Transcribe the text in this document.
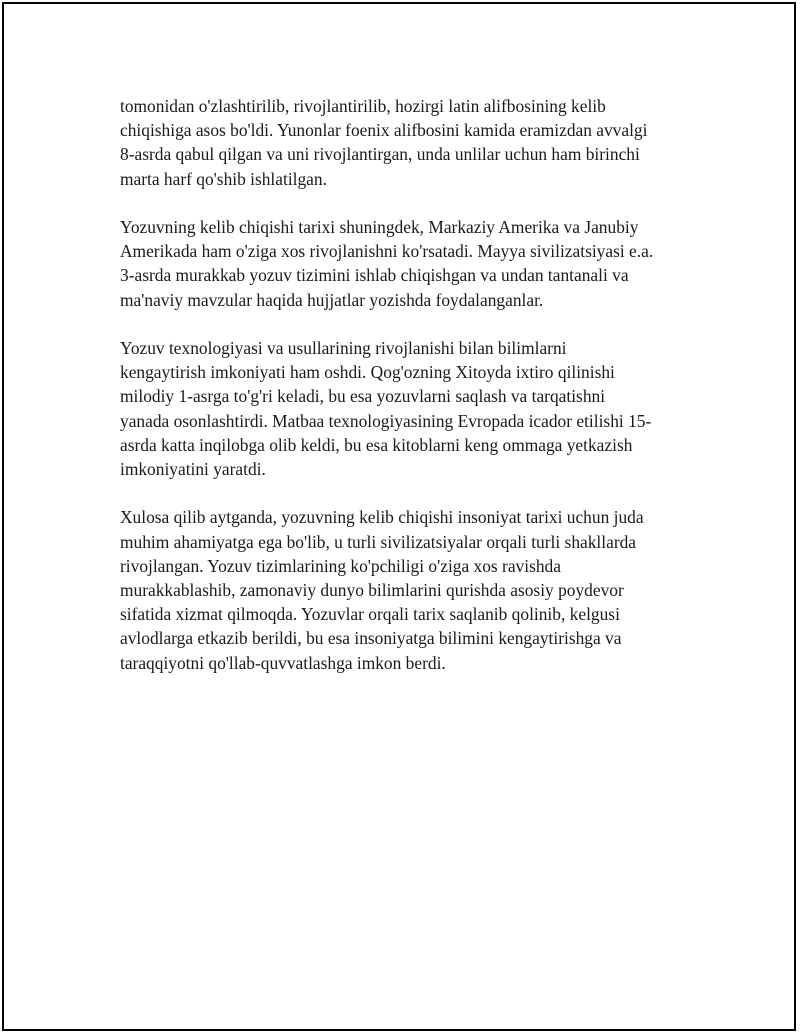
tomonidan o'zlashtirilib, rivojlantirilib, hozirgi latin alifbosining kelib
chiqishiga asos bo'ldi. Yunonlar foenix alifbosini kamida eramizdan avvalgi
8-asrda qabul qilgan va uni rivojlantirgan, unda unlilar uchun ham birinchi
marta harf qo'shib ishlatilgan.

Yozuvning kelib chiqishi tarixi shuningdek, Markaziy Amerika va Janubiy
Amerikada ham o'ziga xos rivojlanishni ko'rsatadi. Mayya sivilizatsiyasi e.a.
3-asrda murakkab yozuv tizimini ishlab chiqishgan va undan tantanali va
ma'naviy mavzular haqida hujjatlar yozishda foydalanganlar.

Yozuv texnologiyasi va usullarining rivojlanishi bilan bilimlarni
kengaytirish imkoniyati ham oshdi. Qog'ozning Xitoyda ixtiro qilinishi
milodiy 1-asrga to'g'ri keladi, bu esa yozuvlarni saqlash va tarqatishni
yanada osonlashtirdi. Matbaa texnologiyasining Evropada icador etilishi 15-
asrda katta inqilobga olib keldi, bu esa kitoblarni keng ommaga yetkazish
imkoniyatini yaratdi.

Xulosa qilib aytganda, yozuvning kelib chiqishi insoniyat tarixi uchun juda
muhim ahamiyatga ega bo'lib, u turli sivilizatsiyalar orqali turli shakllarda
rivojlangan. Yozuv tizimlarining ko'pchiligi o'ziga xos ravishda
murakkablashib, zamonaviy dunyo bilimlarini qurishda asosiy poydevor
sifatida xizmat qilmoqda. Yozuvlar orqali tarix saqlanib qolinib, kelgusi
avlodlarga etkazib berildi, bu esa insoniyatga bilimini kengaytirishga va
taraqqiyotni qo'llab-quvvatlashga imkon berdi.
